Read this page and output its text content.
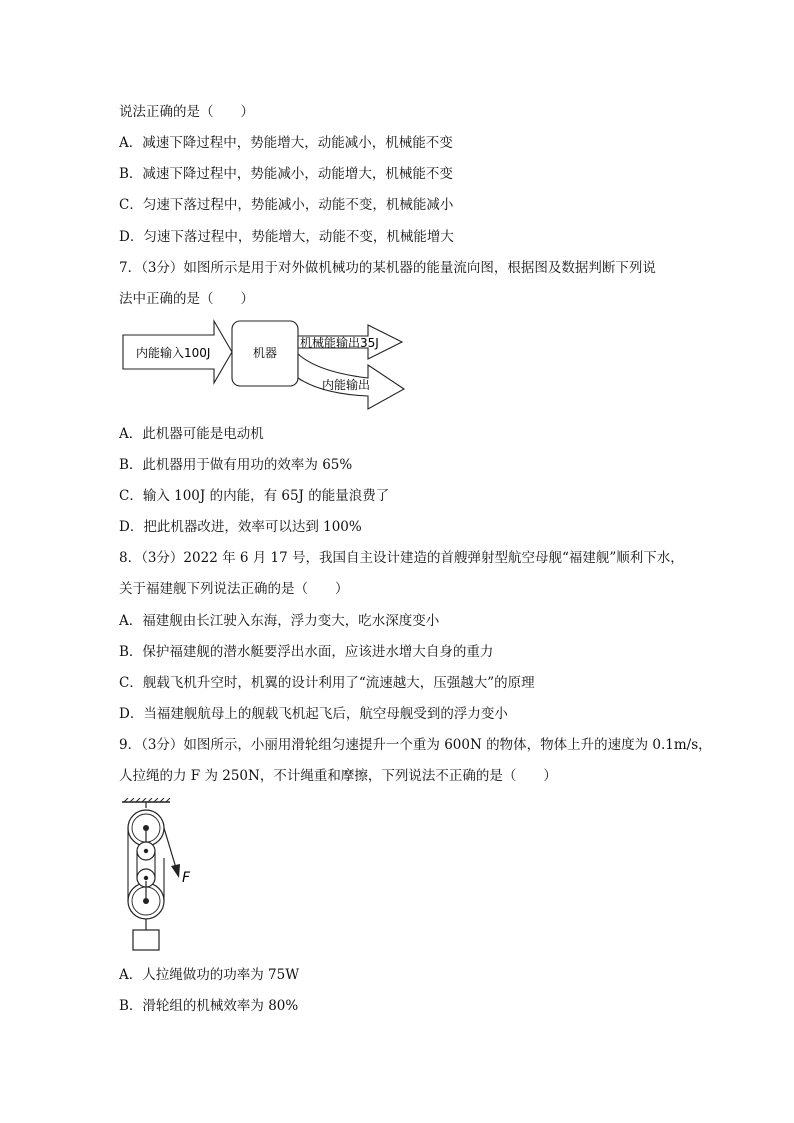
说法正确的是（　　）
A．减速下降过程中，势能增大，动能减小，机械能不变
B．减速下降过程中，势能减小，动能增大，机械能不变
C．匀速下落过程中，势能减小，动能不变，机械能减小
D．匀速下落过程中，势能增大，动能不变，机械能增大
7．（3分）如图所示是用于对外做机械功的某机器的能量流向图，根据图及数据判断下列说
法中正确的是（　　）
内能输入100J	机器
机械能输出35J
内能输出
A．此机器可能是电动机
B．此机器用于做有用功的效率为 65%
C．输入 100J 的内能，有 65J 的能量浪费了
D．把此机器改进，效率可以达到 100%
8．（3分）2022 年 6 月 17 号，我国自主设计建造的首艘弹射型航空母舰“福建舰”顺利下水，
关于福建舰下列说法正确的是（　　）
A．福建舰由长江驶入东海，浮力变大，吃水深度变小
B．保护福建舰的潜水艇要浮出水面，应该进水增大自身的重力
C．舰载飞机升空时，机翼的设计利用了“流速越大，压强越大”的原理
D．当福建舰航母上的舰载飞机起飞后，航空母舰受到的浮力变小
9．（3分）如图所示，小丽用滑轮组匀速提升一个重为 600N 的物体，物体上升的速度为 0.1m/s，
人拉绳的力 F 为 250N，不计绳重和摩擦，下列说法不正确的是（　　）
F
A．人拉绳做功的功率为 75W
B．滑轮组的机械效率为 80%
